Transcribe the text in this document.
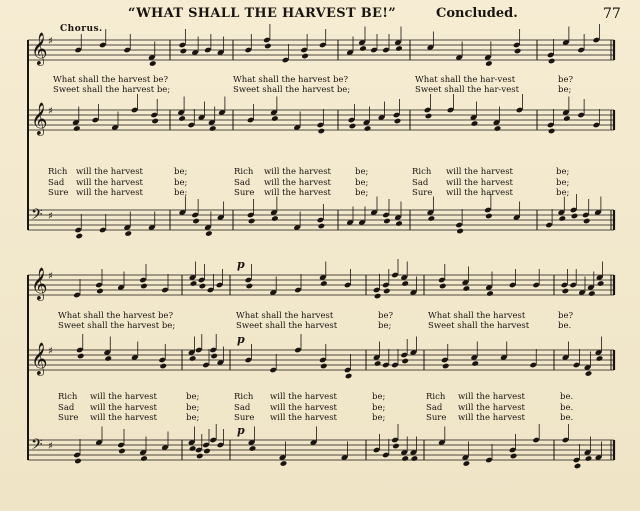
“WHAT SHALL THE HARVEST BE!”	Concluded.	77
Chorus.
𝄞 ♯
𝄞 ♯
𝄢 ♯
𝄞 ♯
𝄞 ♯
𝄢 ♯
p
p
p
What shall the harvest be?	What shall the harvest be?	What shall the har-vest	be?
Sweet shall the harvest be;	Sweet shall the harvest be;	Sweet shall the har-vest	be;
Rich will the harvest	be;	Rich will the harvest	be;	Rich will the harvest	be;
Sad will the harvest	be;	Sad will the harvest	be;	Sad will the harvest	be;
Sure will the harvest	be;	Sure will the harvest	be;	Sure will the harvest	be;
What shall the harvest be?	What shall the harvest	be?	What shall the harvest	be?
Sweet shall the harvest be;	Sweet shall the harvest	be;	Sweet shall the harvest	be.
Rich will the harvest	be;	Rich will the harvest	be;	Rich will the harvest	be.
Sad will the harvest	be;	Sad will the harvest	be;	Sad will the harvest	be.
Sure will the harvest	be;	Sure will the harvest	be;	Sure will the harvest	be.
